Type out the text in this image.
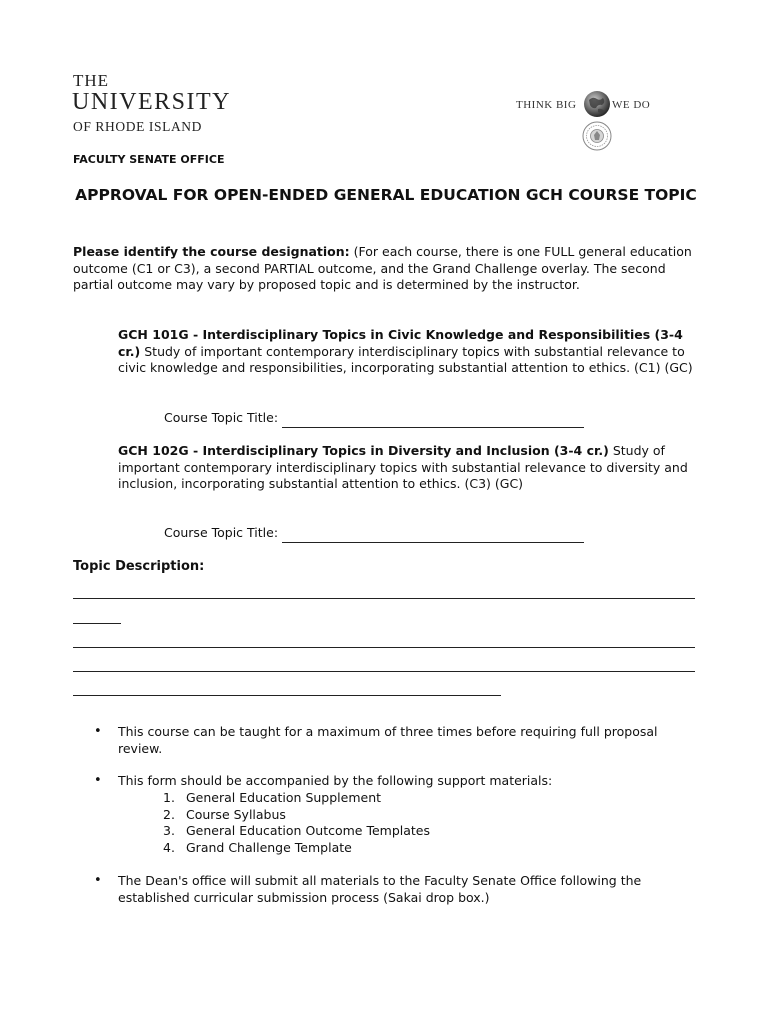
THE
UNIVERSITY
OF RHODE ISLAND
THINK BIG	WE DO
FACULTY SENATE OFFICE
APPROVAL FOR OPEN-ENDED GENERAL EDUCATION GCH COURSE TOPIC
Please identify the course designation: (For each course, there is one FULL general education outcome (C1 or C3), a second PARTIAL outcome, and the Grand Challenge overlay. The second partial outcome may vary by proposed topic and is determined by the instructor.
GCH 101G - Interdisciplinary Topics in Civic Knowledge and Responsibilities (3-4 cr.) Study of important contemporary interdisciplinary topics with substantial relevance to civic knowledge and responsibilities, incorporating substantial attention to ethics. (C1) (GC)
Course Topic Title:
GCH 102G - Interdisciplinary Topics in Diversity and Inclusion (3-4 cr.) Study of important contemporary interdisciplinary topics with substantial relevance to diversity and inclusion, incorporating substantial attention to ethics. (C3) (GC)
Course Topic Title:
Topic Description:
• This course can be taught for a maximum of three times before requiring full proposal review.
• This form should be accompanied by the following support materials:
1. General Education Supplement
2. Course Syllabus
3. General Education Outcome Templates
4. Grand Challenge Template
• The Dean's office will submit all materials to the Faculty Senate Office following the established curricular submission process (Sakai drop box.)
